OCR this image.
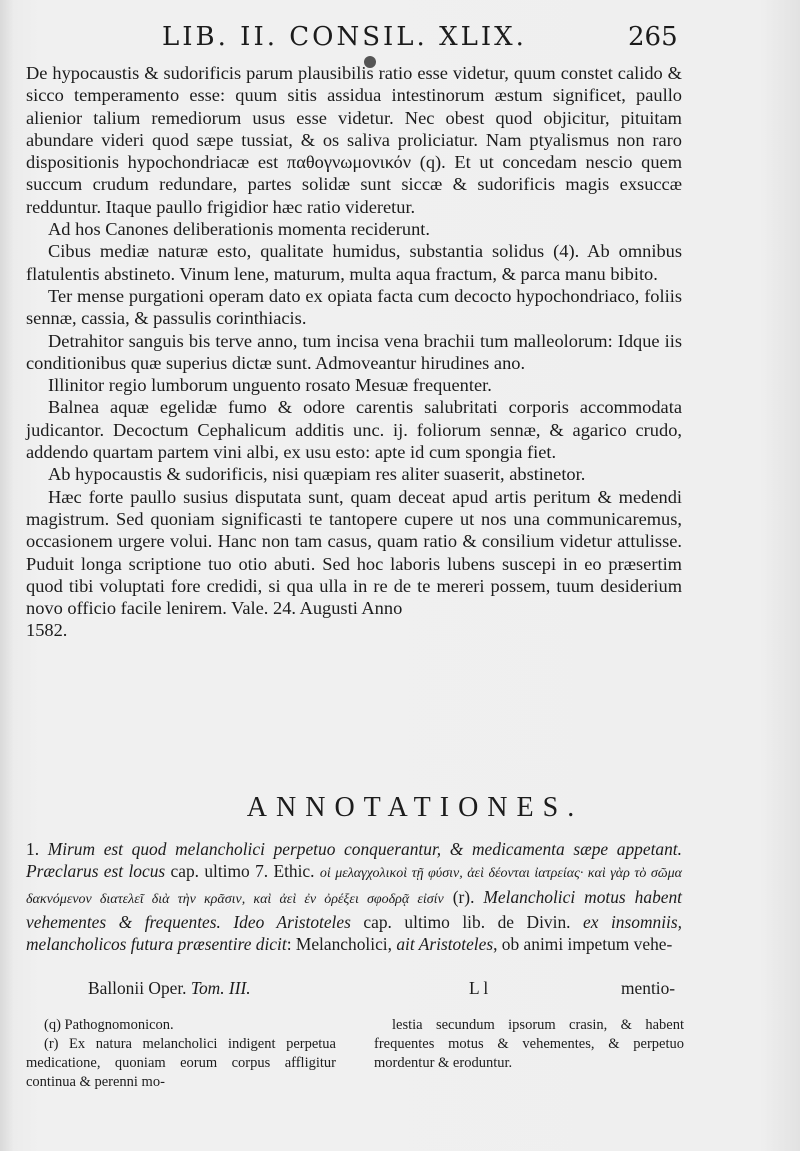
LIB. II. CONSIL. XLIX.	265

De hypocaustis & sudorificis parum plausibilis ratio esse videtur, quum constet calido & sicco temperamento esse: quum sitis assidua intestinorum æstum significet, paullo alienior talium remediorum usus esse videtur. Nec obest quod objicitur, pituitam abundare videri quod sæpe tussiat, & os saliva proliciatur. Nam ptyalismus non raro dispositionis hypochondriacæ est παθογνωμονικόν (q). Et ut concedam nescio quem succum crudum redundare, partes solidæ sunt siccæ & sudorificis magis exsuccæ redduntur. Itaque paullo frigidior hæc ratio videretur.

Ad hos Canones deliberationis momenta reciderunt.

Cibus mediæ naturæ esto, qualitate humidus, substantia solidus (4). Ab omnibus flatulentis abstineto. Vinum lene, maturum, multa aqua fractum, & parca manu bibito.

Ter mense purgationi operam dato ex opiata facta cum decocto hypochondriaco, foliis sennæ, cassia, & passulis corinthiacis.

Detrahitor sanguis bis terve anno, tum incisa vena brachii tum malleolorum: Idque iis conditionibus quæ superius dictæ sunt. Admoveantur hirudines ano.

Illinitor regio lumborum unguento rosato Mesuæ frequenter.

Balnea aquæ egelidæ fumo & odore carentis salubritati corporis accommodata judicantor. Decoctum Cephalicum additis unc. ij. foliorum sennæ, & agarico crudo, addendo quartam partem vini albi, ex usu esto: apte id cum spongia fiet.

Ab hypocaustis & sudorificis, nisi quæpiam res aliter suaserit, abstinetor.

Hæc forte paullo susius disputata sunt, quam deceat apud artis peritum & medendi magistrum. Sed quoniam significasti te tantopere cupere ut nos una communicaremus, occasionem urgere volui. Hanc non tam casus, quam ratio & consilium videtur attulisse. Puduit longa scriptione tuo otio abuti. Sed hoc laboris lubens suscepi in eo præsertim quod tibi voluptati fore credidi, si qua ulla in re de te mereri possem, tuum desiderium novo officio facile lenirem. Vale. 24. Augusti Anno

1582.

ANNOTATIONES.
1. Mirum est quod melancholici perpetuo conquerantur, & medicamenta sæpe appetant. Præclarus est locus cap. ultimo 7. Ethic. οἱ μελαγχολικοὶ τῇ φύσιν, ἀεὶ δέονται ἰατρείας· καὶ γὰρ τὸ σῶμα δακνόμενον διατελεῖ διὰ τὴν κρᾶσιν, καὶ ἀεὶ ἐν ὀρέξει σφοδρᾷ εἰσίν (r). Melancholici motus habent vehementes & frequentes. Ideo Aristoteles cap. ultimo lib. de Divin. ex insomniis, melancholicos futura præsentire dicit: Melancholici, ait Aristoteles, ob animi impetum vehe-
Ballonii Oper. Tom. III.	L l	mentio-

(q) Pathognomonicon.

(r) Ex natura melancholici indigent perpetua medicatione, quoniam eorum corpus affligitur continua & perenni mo-

lestia secundum ipsorum crasin, & habent frequentes motus & vehementes, & perpetuo mordentur & eroduntur.
